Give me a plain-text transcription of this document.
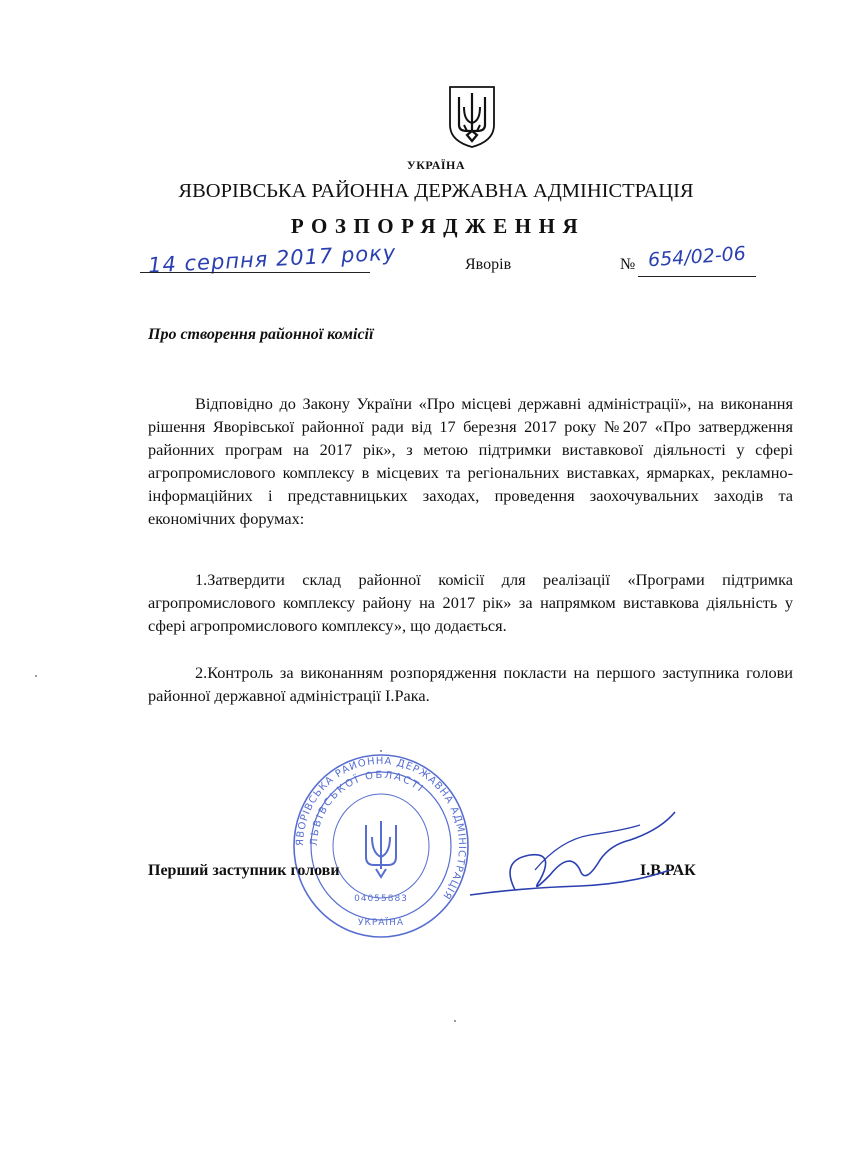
УКРАЇНА
ЯВОРІВСЬКА РАЙОННА ДЕРЖАВНА АДМІНІСТРАЦІЯ
РОЗПОРЯДЖЕННЯ
14 серпня 2017 року	Яворів	№ 654/02-06
Про створення районної комісії
Відповідно до Закону України «Про місцеві державні адміністрації», на виконання рішення Яворівської районної ради від 17 березня 2017 року №207 «Про затвердження районних програм на 2017 рік», з метою підтримки виставкової діяльності у сфері агропромислового комплексу в місцевих та регіональних виставках, ярмарках, рекламно-інформаційних і представницьких заходах, проведення заохочувальних заходів та економічних форумах:
1.Затвердити склад районної комісії для реалізації «Програми підтримка агропромислового комплексу району на 2017 рік» за напрямком виставкова діяльність у сфері агропромислового комплексу», що додається.
2.Контроль за виконанням розпорядження покласти на першого заступника голови районної державної адміністрації І.Рака.
ЯВОРІВСЬКА РАЙОННА ДЕРЖАВНА АДМІНІСТРАЦІЯ
ЛЬВІВСЬКОЇ ОБЛАСТІ
04055883
УКРАЇНА
Перший заступник голови	І.В.РАК
